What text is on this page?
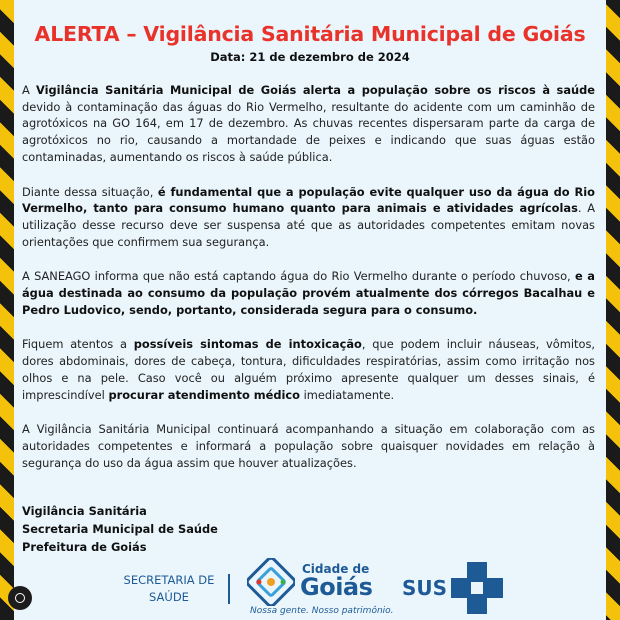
ALERTA – Vigilância Sanitária Municipal de Goiás
Data: 21 de dezembro de 2024

A Vigilância Sanitária Municipal de Goiás alerta a população sobre os riscos à saúde devido à contaminação das águas do Rio Vermelho, resultante do acidente com um caminhão de agrotóxicos na GO 164, em 17 de dezembro. As chuvas recentes dispersaram parte da carga de agrotóxicos no rio, causando a mortandade de peixes e indicando que suas águas estão contaminadas, aumentando os riscos à saúde pública.

Diante dessa situação, é fundamental que a população evite qualquer uso da água do Rio Vermelho, tanto para consumo humano quanto para animais e atividades agrícolas. A utilização desse recurso deve ser suspensa até que as autoridades competentes emitam novas orientações que confirmem sua segurança.

A SANEAGO informa que não está captando água do Rio Vermelho durante o período chuvoso, e a água destinada ao consumo da população provém atualmente dos córregos Bacalhau e Pedro Ludovico, sendo, portanto, considerada segura para o consumo.

Fiquem atentos a possíveis sintomas de intoxicação, que podem incluir náuseas, vômitos, dores abdominais, dores de cabeça, tontura, dificuldades respiratórias, assim como irritação nos olhos e na pele. Caso você ou alguém próximo apresente qualquer um desses sinais, é imprescindível procurar atendimento médico imediatamente.

A Vigilância Sanitária Municipal continuará acompanhando a situação em colaboração com as autoridades competentes e informará a população sobre quaisquer novidades em relação à segurança do uso da água assim que houver atualizações.

Vigilância Sanitária
Secretaria Municipal de Saúde
Prefeitura de Goiás
SECRETARIA DE
SAÚDE
Cidade de
Goiás
Nossa gente. Nosso patrimônio.
SUS
